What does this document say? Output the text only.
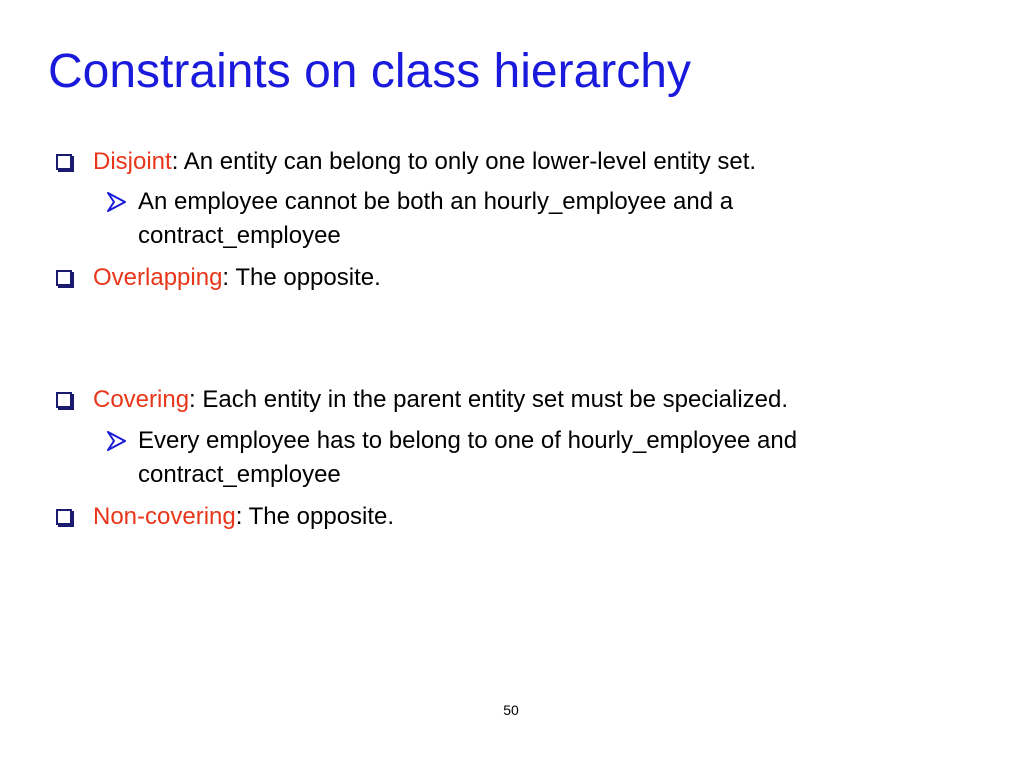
Constraints on class hierarchy
Disjoint: An entity can belong to only one lower-level entity set.
An employee cannot be both an hourly_employee and a contract_employee
Overlapping: The opposite.
Covering: Each entity in the parent entity set must be specialized.
Every employee has to belong to one of hourly_employee and contract_employee
Non-covering: The opposite.
50
